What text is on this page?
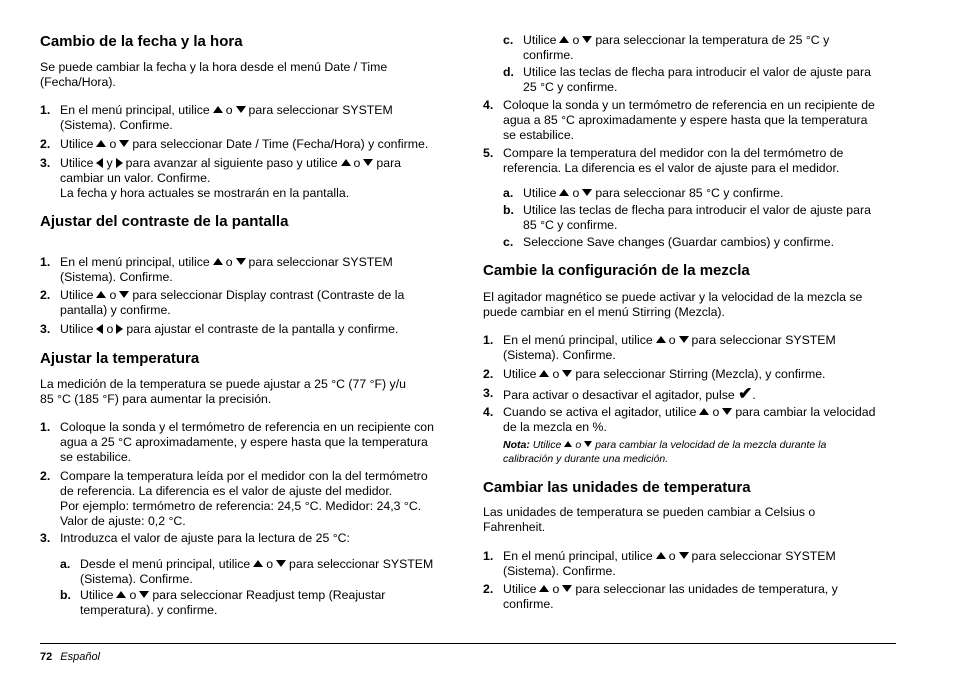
Cambio de la fecha y la hora

Se puede cambiar la fecha y la hora desde el menú Date / Time
(Fecha/Hora).

1. En el menú principal, utilice o para seleccionar SYSTEM
(Sistema). Confirme.
2. Utilice o para seleccionar Date / Time (Fecha/Hora) y confirme.
3. Utilice y para avanzar al siguiente paso y utilice o para
cambiar un valor. Confirme.
La fecha y hora actuales se mostrarán en la pantalla.
Ajustar del contraste de la pantalla
1. En el menú principal, utilice o para seleccionar SYSTEM
(Sistema). Confirme.
2. Utilice o para seleccionar Display contrast (Contraste de la
pantalla) y confirme.
3. Utilice o para ajustar el contraste de la pantalla y confirme.
Ajustar la temperatura

La medición de la temperatura se puede ajustar a 25 °C (77 °F) y/u
85 °C (185 °F) para aumentar la precisión.

1. Coloque la sonda y el termómetro de referencia en un recipiente con
agua a 25 °C aproximadamente, y espere hasta que la temperatura
se estabilice.
2. Compare la temperatura leída por el medidor con la del termómetro
de referencia. La diferencia es el valor de ajuste del medidor.
Por ejemplo: termómetro de referencia: 24,5 °C. Medidor: 24,3 °C.
Valor de ajuste: 0,2 °C.
3. Introduzca el valor de ajuste para la lectura de 25 °C:
a. Desde el menú principal, utilice o para seleccionar SYSTEM
(Sistema). Confirme.
b. Utilice o para seleccionar Readjust temp (Reajustar
temperatura). y confirme.
c. Utilice o para seleccionar la temperatura de 25 °C y
confirme.
d. Utilice las teclas de flecha para introducir el valor de ajuste para
25 °C y confirme.
4. Coloque la sonda y un termómetro de referencia en un recipiente de
agua a 85 °C aproximadamente y espere hasta que la temperatura
se estabilice.
5. Compare la temperatura del medidor con la del termómetro de
referencia. La diferencia es el valor de ajuste para el medidor.
a. Utilice o para seleccionar 85 °C y confirme.
b. Utilice las teclas de flecha para introducir el valor de ajuste para
85 °C y confirme.
c. Seleccione Save changes (Guardar cambios) y confirme.
Cambie la configuración de la mezcla

El agitador magnético se puede activar y la velocidad de la mezcla se
puede cambiar en el menú Stirring (Mezcla).

1. En el menú principal, utilice o para seleccionar SYSTEM
(Sistema). Confirme.
2. Utilice o para seleccionar Stirring (Mezcla), y confirme.
3. Para activar o desactivar el agitador, pulse ✔.
4. Cuando se activa el agitador, utilice o para cambiar la velocidad
de la mezcla en %.
Nota: Utilice o para cambiar la velocidad de la mezcla durante la
calibración y durante una medición.
Cambiar las unidades de temperatura

Las unidades de temperatura se pueden cambiar a Celsius o
Fahrenheit.

1. En el menú principal, utilice o para seleccionar SYSTEM
(Sistema). Confirme.
2. Utilice o para seleccionar las unidades de temperatura, y
confirme.
72 Español
